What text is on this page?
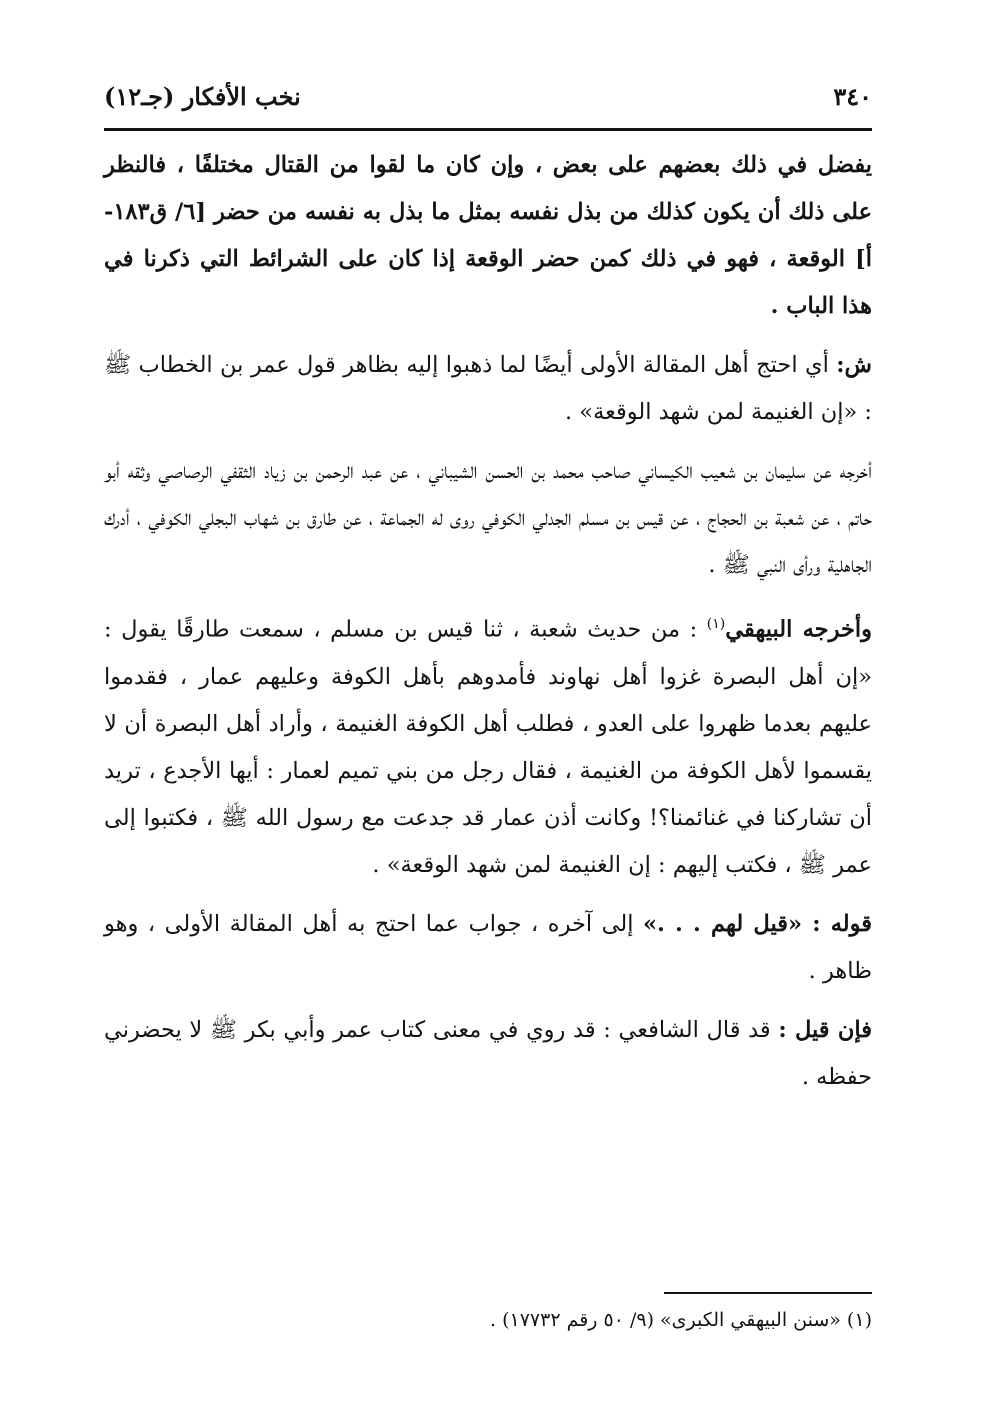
٣٤٠
نخب الأفكار (جـ١٢)

يفضل في ذلك بعضهم على بعض ، وإن كان ما لقوا من القتال مختلفًا ، فالنظر على ذلك أن يكون كذلك من بذل نفسه بمثل ما بذل به نفسه من حضر [٦/ ق١٨٣-أ] الوقعة ، فهو في ذلك كمن حضر الوقعة إذا كان على الشرائط التي ذكرنا في هذا الباب .

ش: أي احتج أهل المقالة الأولى أيضًا لما ذهبوا إليه بظاهر قول عمر بن الخطاب ﷺ : «إن الغنيمة لمن شهد الوقعة» .

أخرجه عن سليمان بن شعيب الكيساني صاحب محمد بن الحسن الشيباني ، عن عبد الرحمن بن زياد الثقفي الرصاصي وثقه أبو حاتم ، عن شعبة بن الحجاج ، عن قيس بن مسلم الجدلي الكوفي روى له الجماعة ، عن طارق بن شهاب البجلي الكوفي ، أدرك الجاهلية ورأى النبي ﷺ .

وأخرجه البيهقي$^{(١)}$ : من حديث شعبة ، ثنا قيس بن مسلم ، سمعت طارقًا يقول : «إن أهل البصرة غزوا أهل نهاوند فأمدوهم بأهل الكوفة وعليهم عمار ، فقدموا عليهم بعدما ظهروا على العدو ، فطلب أهل الكوفة الغنيمة ، وأراد أهل البصرة أن لا يقسموا لأهل الكوفة من الغنيمة ، فقال رجل من بني تميم لعمار : أيها الأجدع ، تريد أن تشاركنا في غنائمنا؟! وكانت أذن عمار قد جدعت مع رسول الله ﷺ ، فكتبوا إلى عمر ﷺ ، فكتب إليهم : إن الغنيمة لمن شهد الوقعة» .

قوله : «قيل لهم . . .» إلى آخره ، جواب عما احتج به أهل المقالة الأولى ، وهو ظاهر .

فإن قيل : قد قال الشافعي : قد روي في معنى كتاب عمر وأبي بكر ﷺ لا يحضرني حفظه .

(١) «سنن البيهقي الكبرى» (٩/ ٥٠ رقم ١٧٧٣٢) .
